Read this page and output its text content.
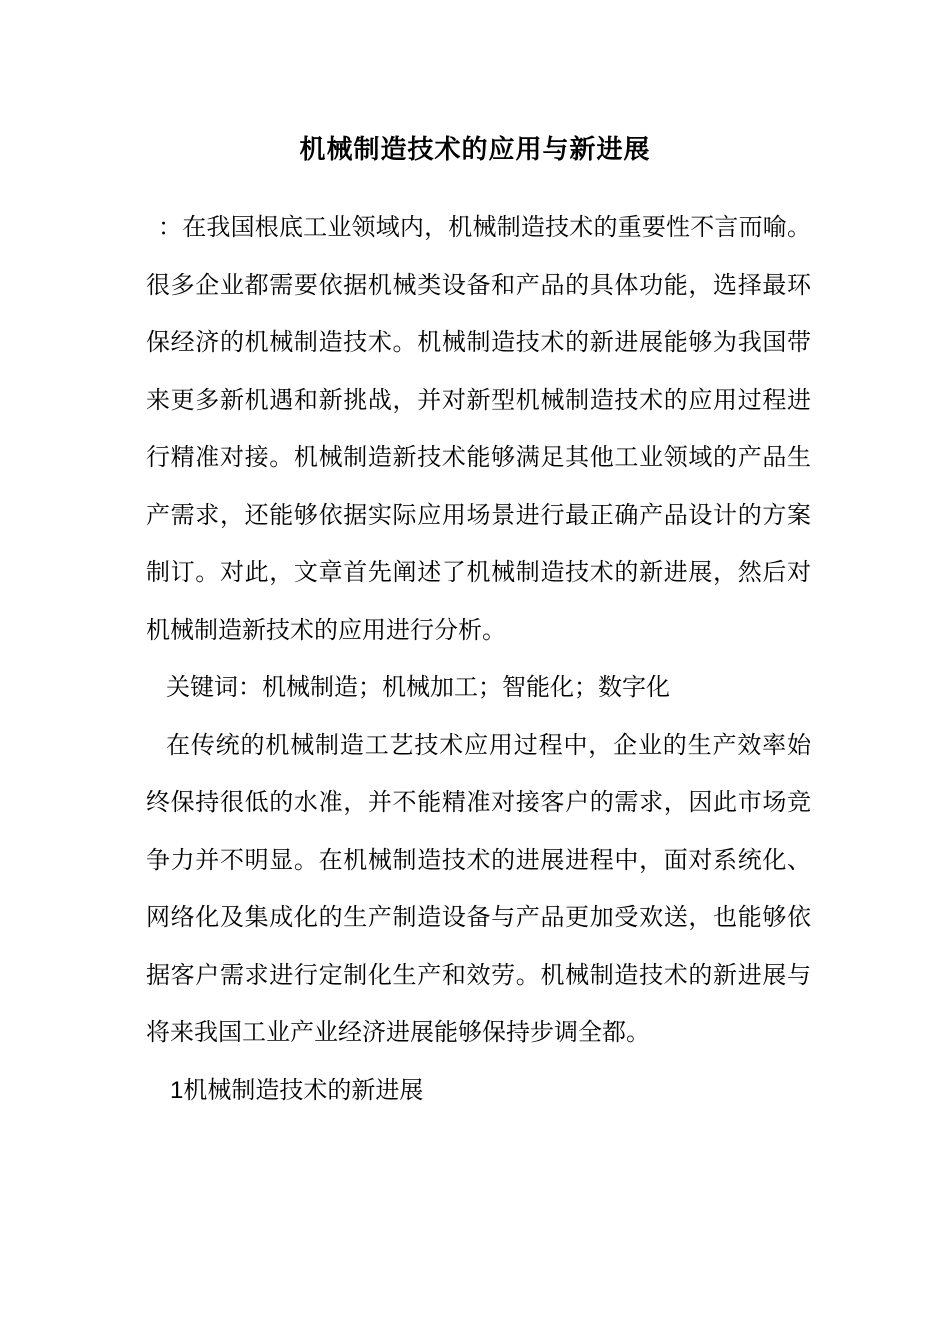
机械制造技术的应用与新进展

：在我国根底工业领域内，机械制造技术的重要性不言而喻。很多企业都需要依据机械类设备和产品的具体功能，选择最环保经济的机械制造技术。机械制造技术的新进展能够为我国带来更多新机遇和新挑战，并对新型机械制造技术的应用过程进行精准对接。机械制造新技术能够满足其他工业领域的产品生产需求，还能够依据实际应用场景进行最正确产品设计的方案制订。对此，文章首先阐述了机械制造技术的新进展，然后对机械制造新技术的应用进行分析。

关键词：机械制造；机械加工；智能化；数字化

在传统的机械制造工艺技术应用过程中，企业的生产效率始终保持很低的水准，并不能精准对接客户的需求，因此市场竞争力并不明显。在机械制造技术的进展进程中，面对系统化、网络化及集成化的生产制造设备与产品更加受欢送，也能够依据客户需求进行定制化生产和效劳。机械制造技术的新进展与将来我国工业产业经济进展能够保持步调全都。

1机械制造技术的新进展
